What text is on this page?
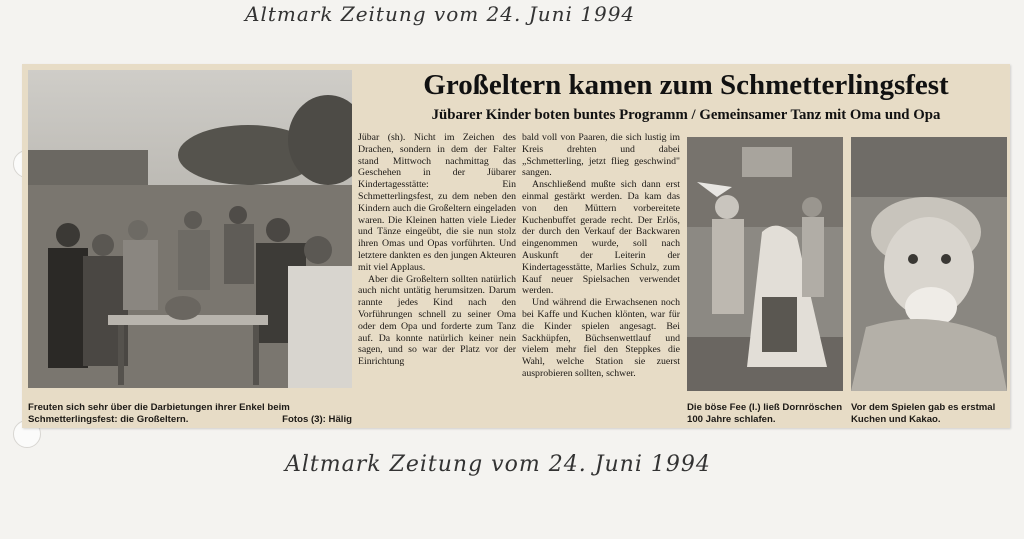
Altmark Zeitung vom 24. Juni 1994
Freuten sich sehr über die Darbietungen ihrer Enkel beim Schmetterlingsfest: die Großeltern.	Fotos (3): Hälig
Großeltern kamen zum Schmetterlingsfest
Jübarer Kinder boten buntes Programm / Gemeinsamer Tanz mit Oma und Opa

Jübar (sh). Nicht im Zeichen des Drachen, sondern in dem der Falter stand Mittwoch nachmittag das Geschehen in der Jübarer Kindertagesstätte: Ein Schmetterlingsfest, zu dem neben den Kindern auch die Großeltern eingeladen waren. Die Kleinen hatten viele Lieder und Tänze eingeübt, die sie nun stolz ihren Omas und Opas vorführten. Und letztere dankten es den jungen Akteuren mit viel Applaus.

Aber die Großeltern sollten natürlich auch nicht untätig herumsitzen. Darum rannte jedes Kind nach den Vorführungen schnell zu seiner Oma oder dem Opa und forderte zum Tanz auf. Da konnte natürlich keiner nein sagen, und so war der Platz vor der Einrichtung

bald voll von Paaren, die sich lustig im Kreis drehten und dabei „Schmetterling, jetzt flieg geschwind" sangen.

Anschließend mußte sich dann erst einmal gestärkt werden. Da kam das von den Müttern vorbereitete Kuchenbuffet gerade recht. Der Erlös, der durch den Verkauf der Backwaren eingenommen wurde, soll nach Auskunft der Leiterin der Kindertagesstätte, Marlies Schulz, zum Kauf neuer Spielsachen verwendet werden.

Und während die Erwachsenen noch bei Kaffe und Kuchen klönten, war für die Kinder spielen angesagt. Bei Sackhüpfen, Büchsenwettlauf und vielem mehr fiel den Steppkes die Wahl, welche Station sie zuerst ausprobieren sollten, schwer.

Die böse Fee (l.) ließ Dornröschen 100 Jahre schlafen.
Vor dem Spielen gab es erstmal Kuchen und Kakao.
Altmark Zeitung vom 24. Juni 1994
